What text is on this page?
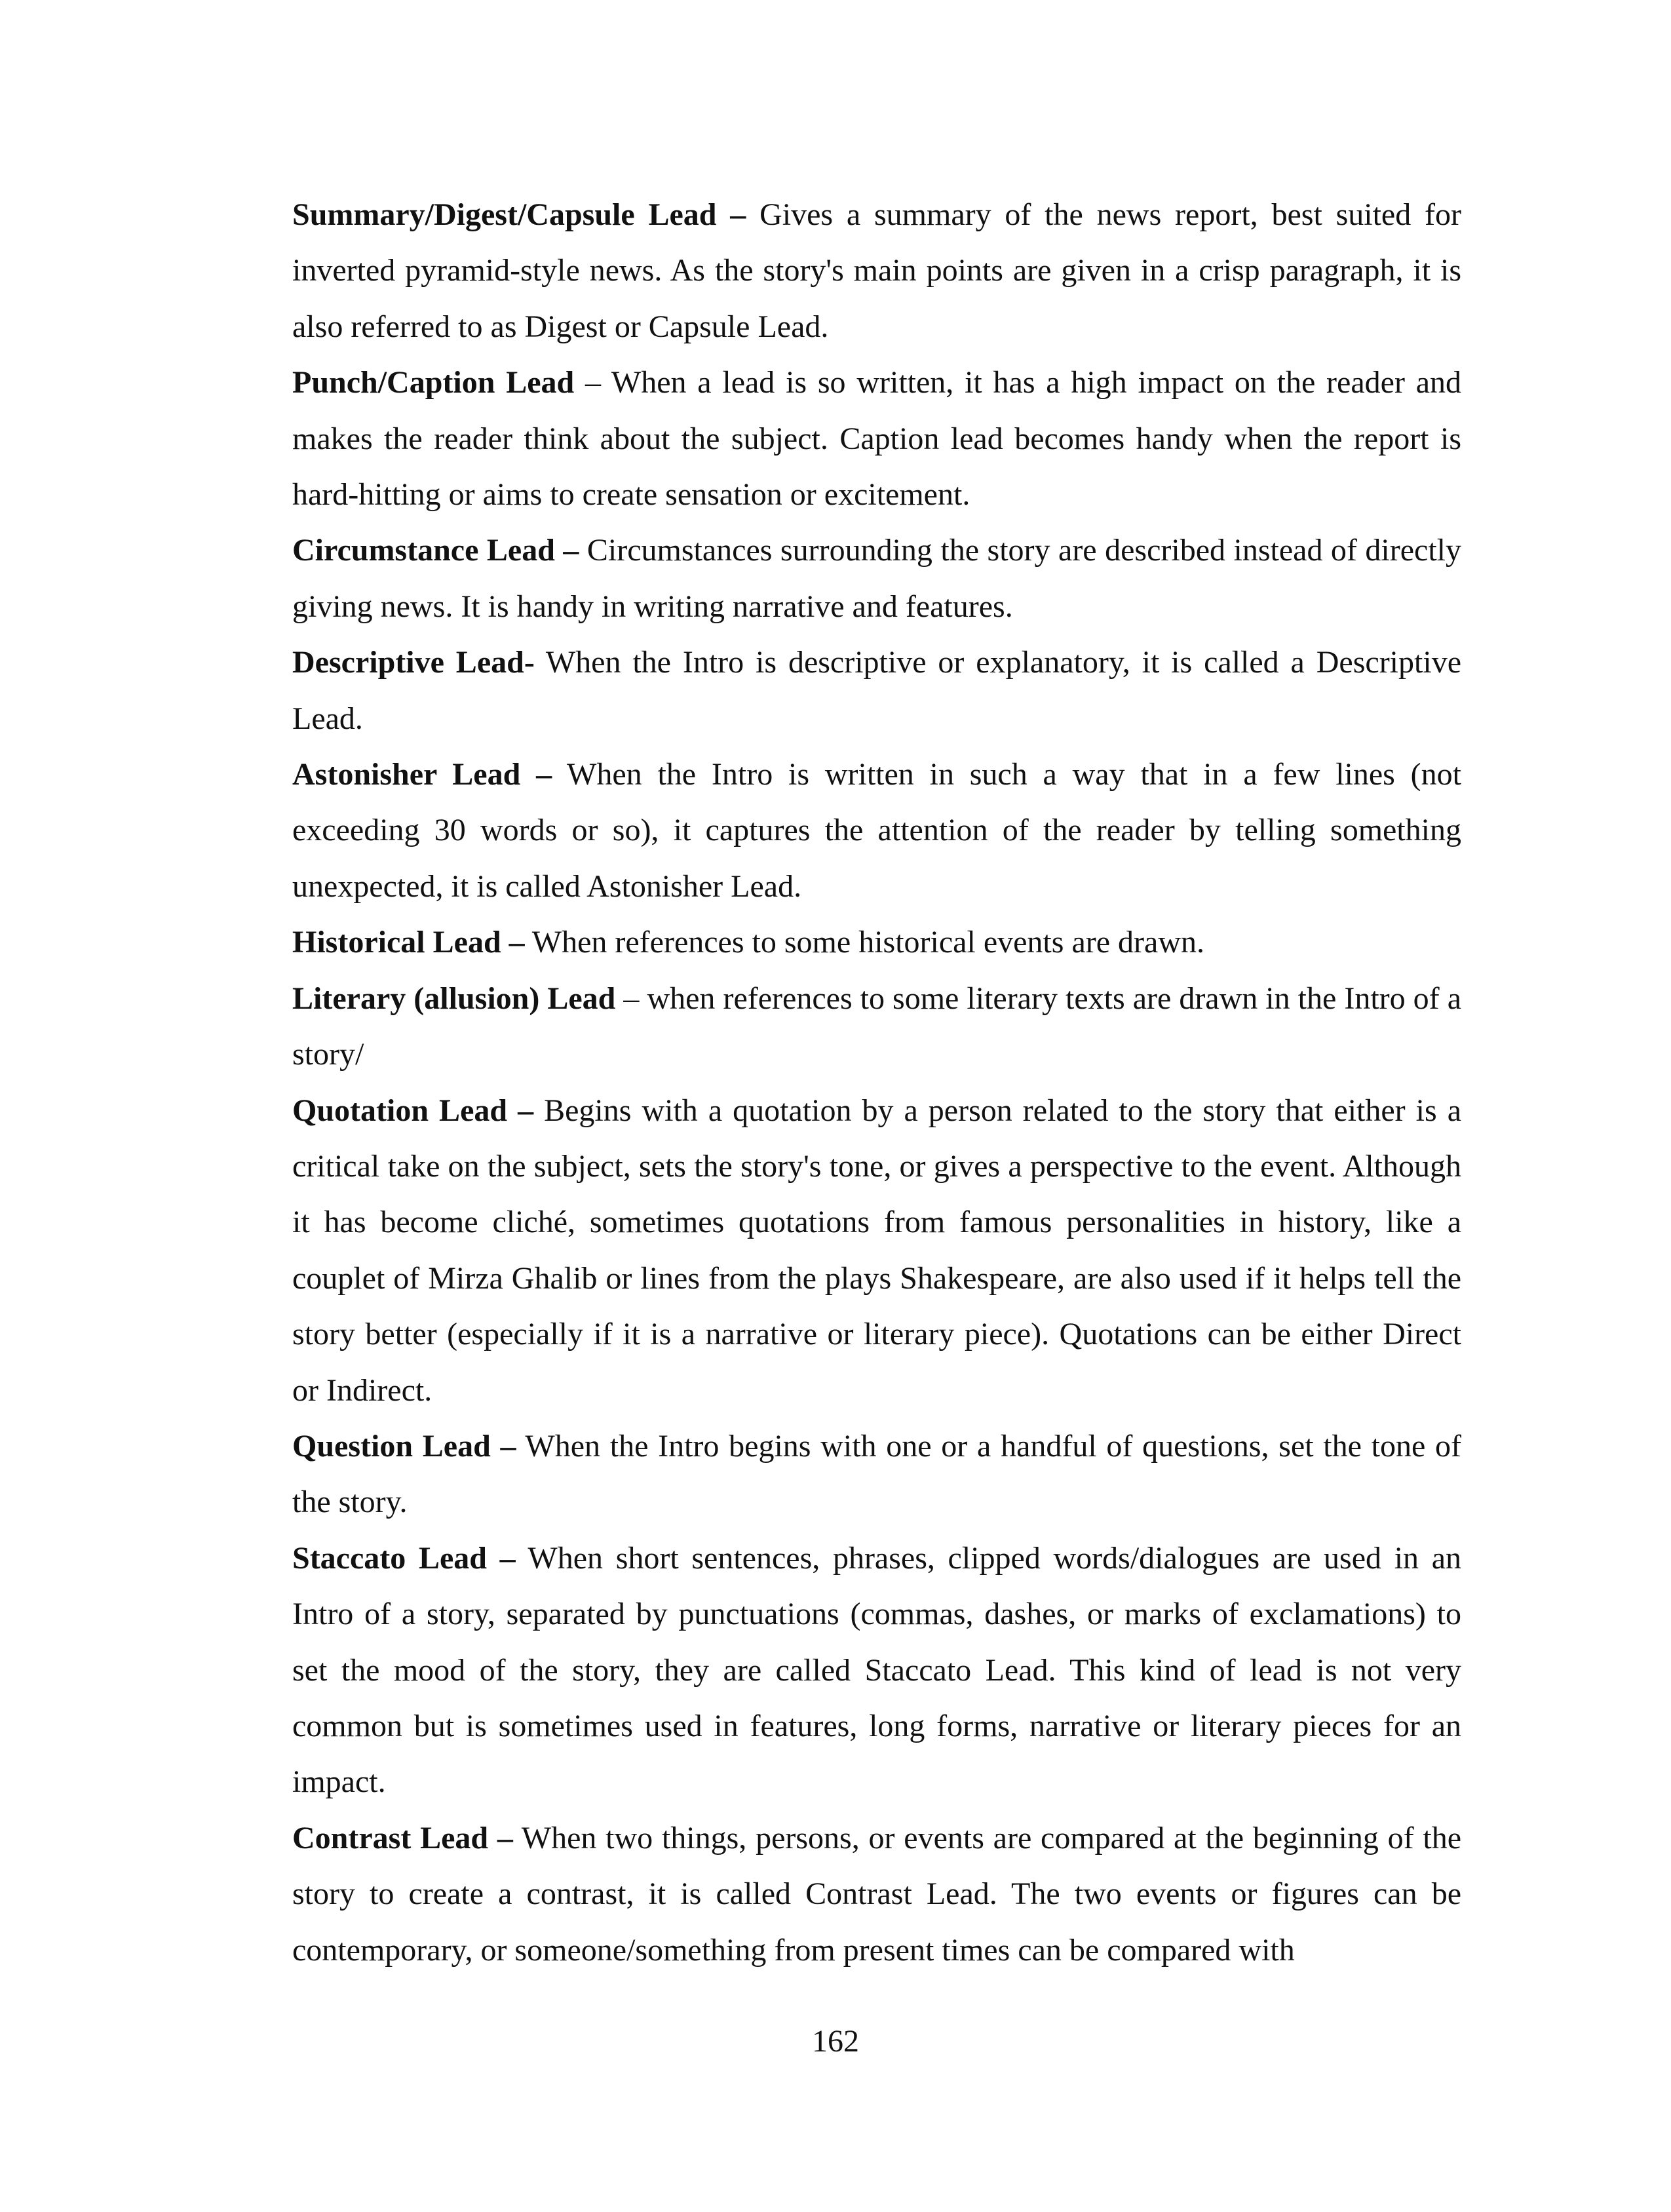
Summary/Digest/Capsule Lead – Gives a summary of the news report, best suited for inverted pyramid-style news. As the story's main points are given in a crisp paragraph, it is also referred to as Digest or Capsule Lead.

Punch/Caption Lead – When a lead is so written, it has a high impact on the reader and makes the reader think about the subject. Caption lead becomes handy when the report is hard-hitting or aims to create sensation or excitement.

Circumstance Lead – Circumstances surrounding the story are described instead of directly giving news. It is handy in writing narrative and features.

Descriptive Lead- When the Intro is descriptive or explanatory, it is called a Descriptive Lead.

Astonisher Lead – When the Intro is written in such a way that in a few lines (not exceeding 30 words or so), it captures the attention of the reader by telling something unexpected, it is called Astonisher Lead.

Historical Lead – When references to some historical events are drawn.

Literary (allusion) Lead – when references to some literary texts are drawn in the Intro of a story/

Quotation Lead – Begins with a quotation by a person related to the story that either is a critical take on the subject, sets the story's tone, or gives a perspective to the event. Although it has become cliché, sometimes quotations from famous personalities in history, like a couplet of Mirza Ghalib or lines from the plays Shakespeare, are also used if it helps tell the story better (especially if it is a narrative or literary piece). Quotations can be either Direct or Indirect.

Question Lead – When the Intro begins with one or a handful of questions, set the tone of the story.

Staccato Lead – When short sentences, phrases, clipped words/dialogues are used in an Intro of a story, separated by punctuations (commas, dashes, or marks of exclamations) to set the mood of the story, they are called Staccato Lead. This kind of lead is not very common but is sometimes used in features, long forms, narrative or literary pieces for an impact.

Contrast Lead – When two things, persons, or events are compared at the beginning of the story to create a contrast, it is called Contrast Lead. The two events or figures can be contemporary, or someone/something from present times can be compared with

162
